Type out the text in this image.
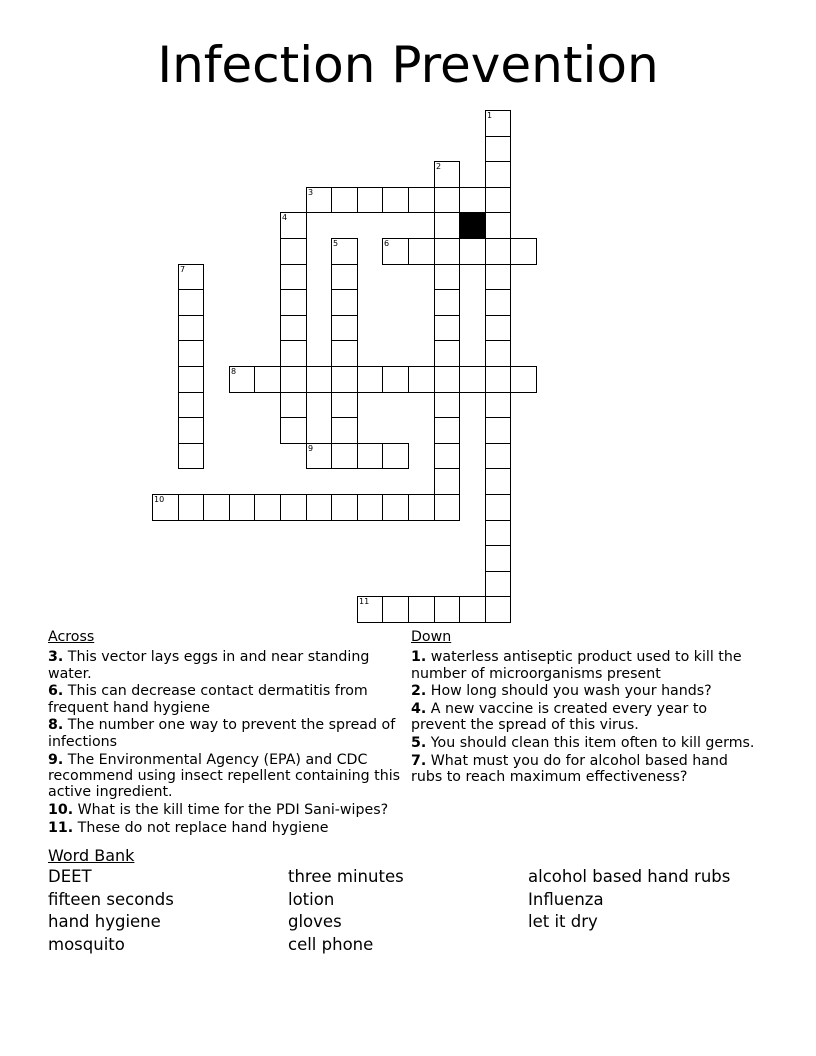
Infection Prevention
1
2
3
4
5	6
7
8
9
10
11
Across
3. This vector lays eggs in and near standing water.
6. This can decrease contact dermatitis from frequent hand hygiene
8. The number one way to prevent the spread of infections
9. The Environmental Agency (EPA) and CDC recommend using insect repellent containing this active ingredient.
10. What is the kill time for the PDI Sani-wipes?
11. These do not replace hand hygiene
Down
1. waterless antiseptic product used to kill the number of microorganisms present
2. How long should you wash your hands?
4. A new vaccine is created every year to prevent the spread of this virus.
5. You should clean this item often to kill germs.
7. What must you do for alcohol based hand rubs to reach maximum effectiveness?
Word Bank
DEET
fifteen seconds
hand hygiene
mosquito
three minutes
lotion
gloves
cell phone
alcohol based hand rubs
Influenza
let it dry
